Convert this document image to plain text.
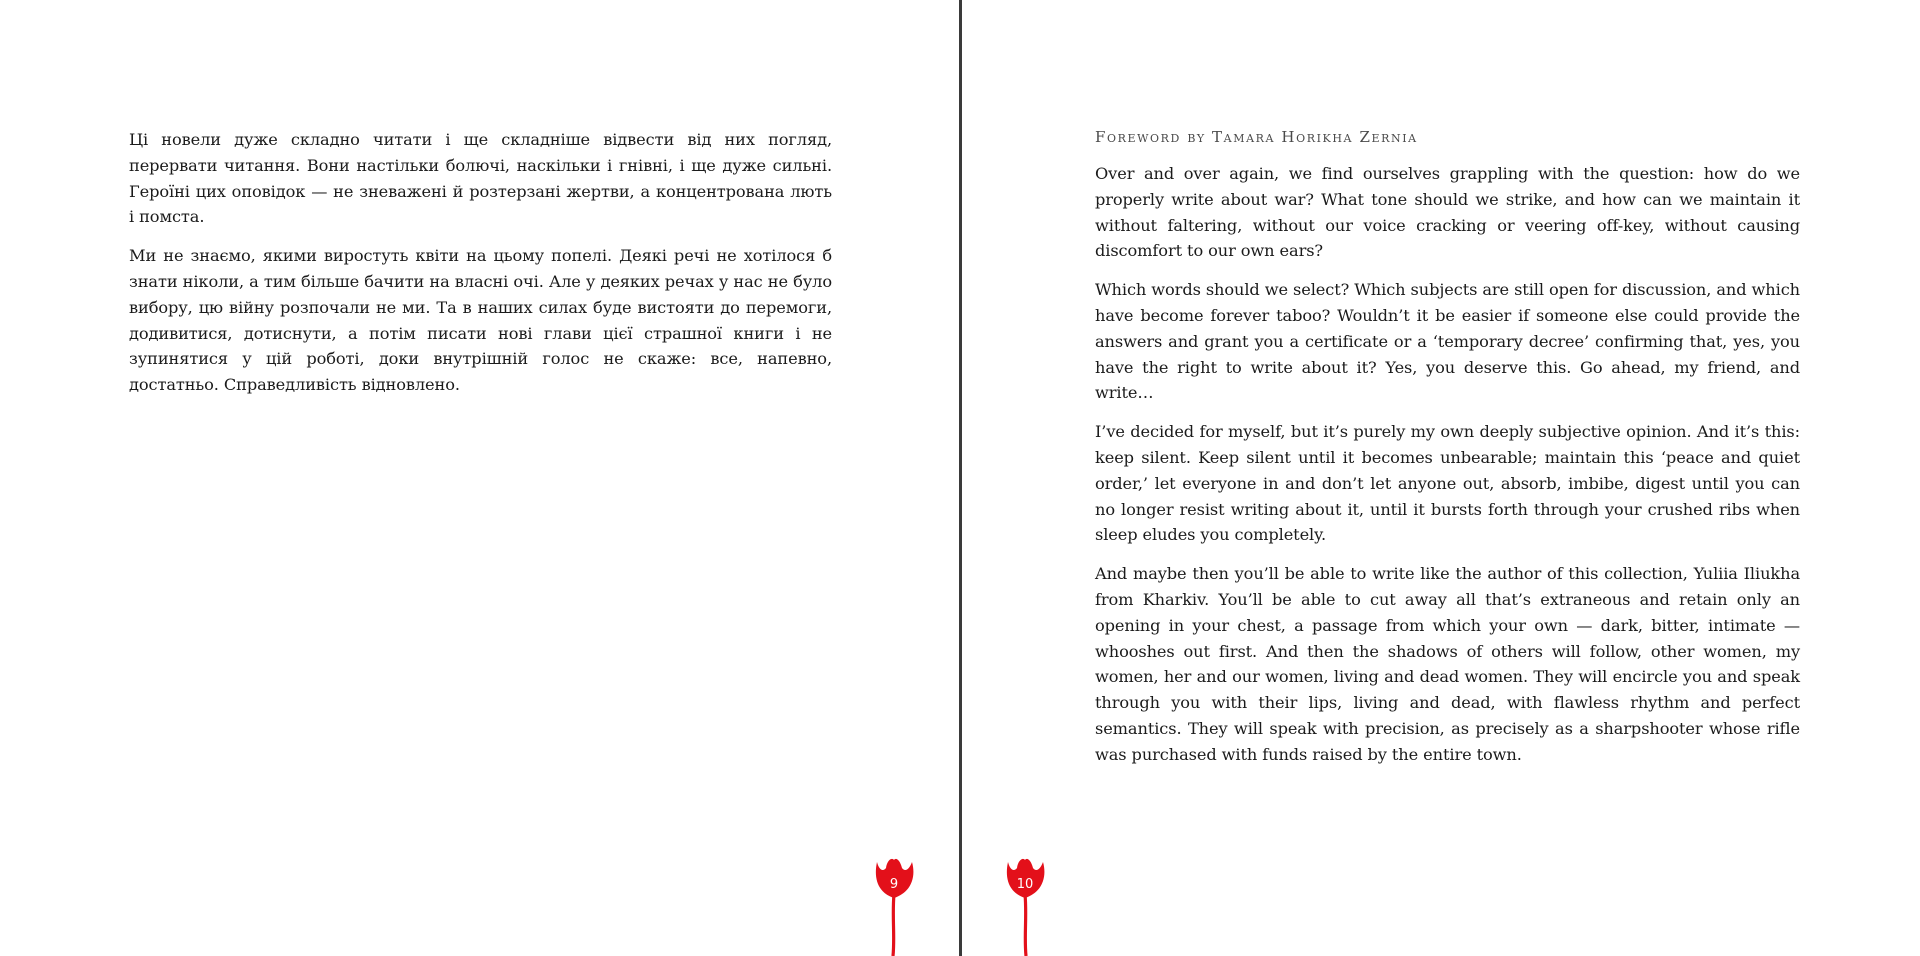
Ці новели дуже складно читати і ще складніше відвести від них погляд, перервати читання. Вони настільки болючі, наскільки і гнівні, і ще дуже сильні. Героїні цих оповідок — не зневажені й розтерзані жертви, а концентрована лють і помста.

Ми не знаємо, якими виростуть квіти на цьому попелі. Деякі речі не хотілося б знати ніколи, а тим більше бачити на власні очі. Але у деяких речах у нас не було вибору, цю війну розпочали не ми. Та в наших силах буде вистояти до перемоги, додивитися, дотиснути, а потім писати нові глави цієї страшної книги і не зупинятися у цій роботі, доки внутрішній голос не скаже: все, напевно, достатньо. Справедливість відновлено.

9
Foreword by Tamara Horikha Zernia

Over and over again, we find ourselves grappling with the question: how do we properly write about war? What tone should we strike, and how can we maintain it without faltering, without our voice cracking or veering off-key, without causing discomfort to our own ears?

Which words should we select? Which subjects are still open for discussion, and which have become forever taboo? Wouldn’t it be easier if someone else could provide the answers and grant you a certificate or a ‘temporary decree’ confirming that, yes, you have the right to write about it? Yes, you deserve this. Go ahead, my friend, and write…

I’ve decided for myself, but it’s purely my own deeply subjective opinion. And it’s this: keep silent. Keep silent until it becomes unbearable; maintain this ‘peace and quiet order,’ let everyone in and don’t let anyone out, absorb, imbibe, digest until you can no longer resist writing about it, until it bursts forth through your crushed ribs when sleep eludes you completely.

And maybe then you’ll be able to write like the author of this collection, Yuliia Iliukha from Kharkiv. You’ll be able to cut away all that’s extraneous and retain only an opening in your chest, a passage from which your own — dark, bitter, intimate — whooshes out first. And then the shadows of others will follow, other women, my women, her and our women, living and dead women. They will encircle you and speak through you with their lips, living and dead, with flawless rhythm and perfect semantics. They will speak with precision, as precisely as a sharpshooter whose rifle was purchased with funds raised by the entire town.

10
